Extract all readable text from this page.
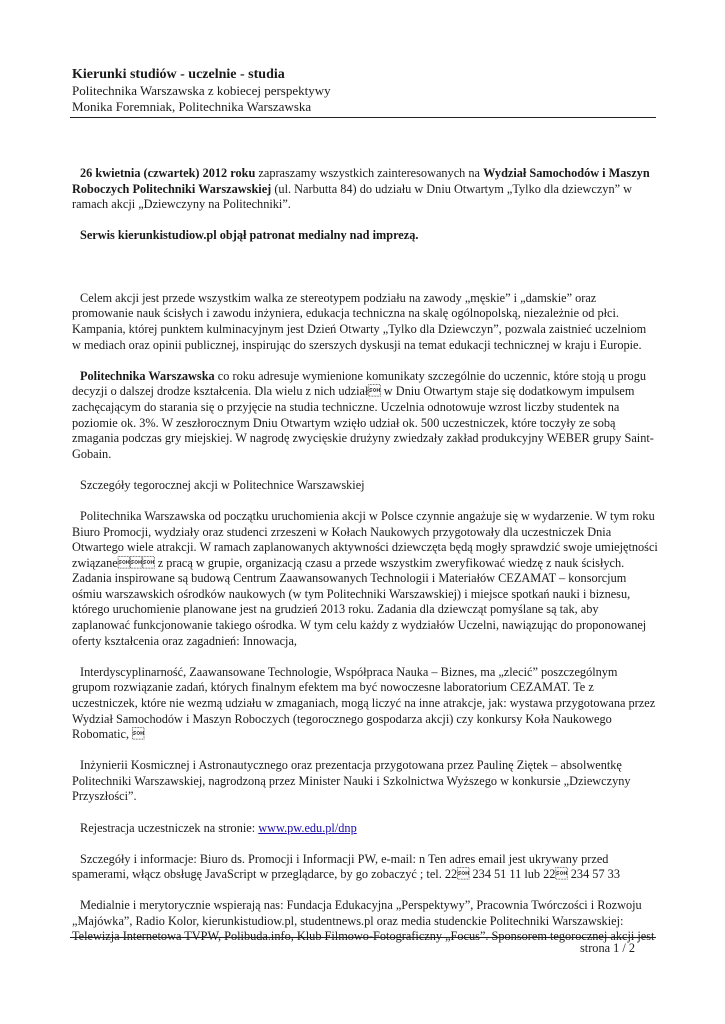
Kierunki studiów - uczelnie - studia
Politechnika Warszawska z kobiecej perspektywy
Monika Foremniak, Politechnika Warszawska

26 kwietnia (czwartek) 2012 roku zapraszamy wszystkich zainteresowanych na Wydział Samochodów i Maszyn Roboczych Politechniki Warszawskiej (ul. Narbutta 84) do udziału w Dniu Otwartym „Tylko dla dziewczyn” w ramach akcji „Dziewczyny na Politechniki”.

Serwis kierunkistudiow.pl objął patronat medialny nad imprezą.

Celem akcji jest przede wszystkim walka ze stereotypem podziału na zawody „męskie” i „damskie” oraz promowanie nauk ścisłych i zawodu inżyniera, edukacja techniczna na skalę ogólnopolską, niezależnie od płci. Kampania, której punktem kulminacyjnym jest Dzień Otwarty „Tylko dla Dziewczyn”, pozwala zaistnieć uczelniom w mediach oraz opinii publicznej, inspirując do szerszych dyskusji na temat edukacji technicznej w kraju i Europie.

Politechnika Warszawska co roku adresuje wymienione komunikaty szczególnie do uczennic, które stoją u progu decyzji o dalszej drodze kształcenia. Dla wielu z nich udział w Dniu Otwartym staje się dodatkowym impulsem zachęcającym do starania się o przyjęcie na studia techniczne. Uczelnia odnotowuje wzrost liczby studentek na poziomie ok. 3%. W zeszłorocznym Dniu Otwartym wzięło udział ok. 500 uczestniczek, które toczyły ze sobą zmagania podczas gry miejskiej. W nagrodę zwycięskie drużyny zwiedzały zakład produkcyjny WEBER grupy Saint-Gobain.

Szczegóły tegorocznej akcji w Politechnice Warszawskiej

Politechnika Warszawska od początku uruchomienia akcji w Polsce czynnie angażuje się w wydarzenie. W tym roku Biuro Promocji, wydziały oraz studenci zrzeszeni w Kołach Naukowych przygotowały dla uczestniczek Dnia Otwartego wiele atrakcji. W ramach zaplanowanych aktywności dziewczęta będą mogły sprawdzić swoje umiejętności związane z pracą w grupie, organizacją czasu a przede wszystkim zweryfikować wiedzę z nauk ścisłych. Zadania inspirowane są budową Centrum Zaawansowanych Technologii i Materiałów CEZAMAT – konsorcjum ośmiu warszawskich ośrodków naukowych (w tym Politechniki Warszawskiej) i miejsce spotkań nauki i biznesu, którego uruchomienie planowane jest na grudzień 2013 roku. Zadania dla dziewcząt pomyślane są tak, aby zaplanować funkcjonowanie takiego ośrodka. W tym celu każdy z wydziałów Uczelni, nawiązując do proponowanej oferty kształcenia oraz zagadnień: Innowacja,

Interdyscyplinarność, Zaawansowane Technologie, Współpraca Nauka – Biznes, ma „zlecić” poszczególnym grupom rozwiązanie zadań, których finalnym efektem ma być nowoczesne laboratorium CEZAMAT. Te z uczestniczek, które nie wezmą udziału w zmaganiach, mogą liczyć na inne atrakcje, jak: wystawa przygotowana przez Wydział Samochodów i Maszyn Roboczych (tegorocznego gospodarza akcji) czy konkursy Koła Naukowego Robomatic, 

Inżynierii Kosmicznej i Astronautycznego oraz prezentacja przygotowana przez Paulinę Ziętek – absolwentkę Politechniki Warszawskiej, nagrodzoną przez Minister Nauki i Szkolnictwa Wyższego w konkursie „Dziewczyny Przyszłości”.

Rejestracja uczestniczek na stronie: www.pw.edu.pl/dnp

Szczegóły i informacje: Biuro ds. Promocji i Informacji PW, e-mail: n Ten adres email jest ukrywany przed spamerami, włącz obsługę JavaScript w przeglądarce, by go zobaczyć ; tel. 22 234 51 11 lub 22 234 57 33

Medialnie i merytorycznie wspierają nas: Fundacja Edukacyjna „Perspektywy”, Pracownia Twórczości i Rozwoju „Majówka”, Radio Kolor, kierunkistudiow.pl, studentnews.pl oraz media studenckie Politechniki Warszawskiej: Telewizja Internetowa TVPW, Polibuda.info, Klub Filmowo-Fotograficzny „Focus”. Sponsorem tegorocznej akcji jest

strona 1 / 2
